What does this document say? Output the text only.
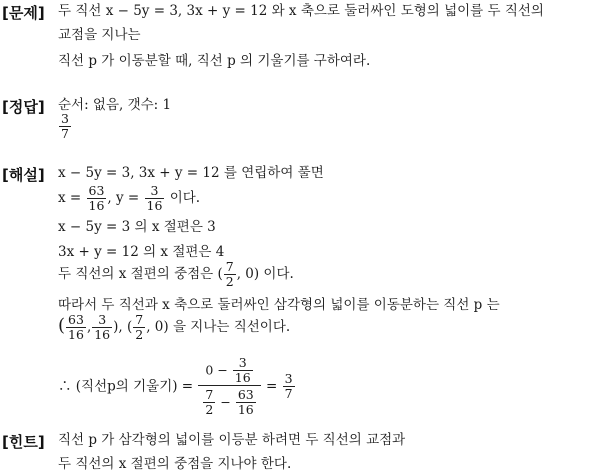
[문제] 두 직선 x − 5y = 3, 3x + y = 12 와 x 축으로 둘러싸인 도형의 넓이를 두 직선의
교점을 지나는
직선 p 가 이동분할 때, 직선 p 의 기울기를 구하여라.
[정답] 순서: 없음, 갯수: 1
$\frac{3}{7}$
[해설] x − 5y = 3, 3x + y = 12 를 연립하여 풀면
$x = \frac{63}{16}$ , $y = \frac{3}{16}$ 이다.
x − 5y = 3 의 x 절편은 3
3x + y = 12 의 x 절편은 4
두 직선의 x 절편의 중점은 ( $\frac{7}{2}$ , 0) 이다.
따라서 두 직선과 x 축으로 둘러싸인 삼각형의 넓이를 이동분하는 직선 p 는
( $\frac{63}{16}$ , $\frac{3}{16}$ ), ( $\frac{7}{2}$ , 0) 을 지나는 직선이다.
∴ (직선p의 기울기) = $\frac{0 - \frac{3}{16}}{\frac{7}{2} - \frac{63}{16}} = \frac{3}{7}$
[힌트] 직선 p 가 삼각형의 넓이를 이등분 하려면 두 직선의 교점과
두 직선의 x 절편의 중점을 지나야 한다.
